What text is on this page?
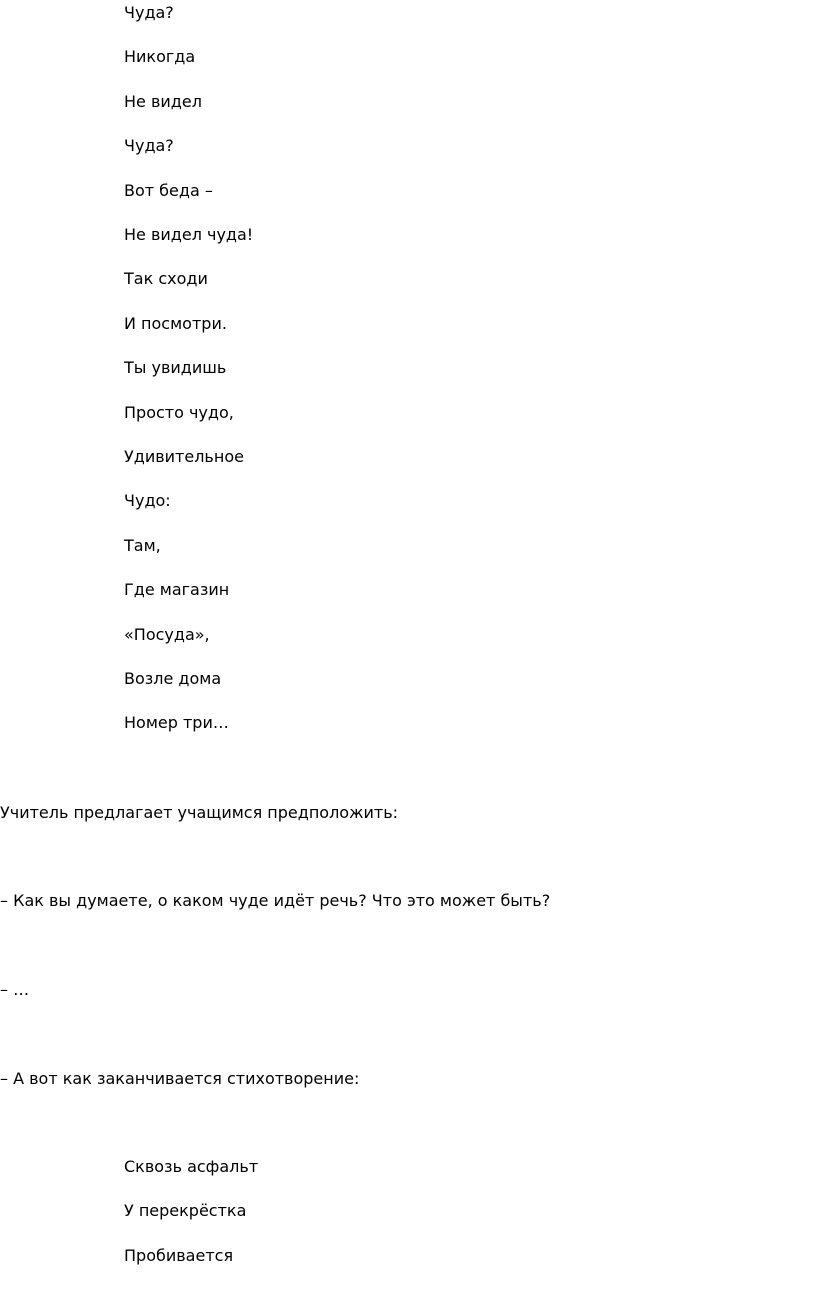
Чуда?

Никогда

Не видел

Чуда?

Вот беда –

Не видел чуда!

Так сходи

И посмотри.

Ты увидишь

Просто чудо,

Удивительное

Чудо:

Там,

Где магазин

«Посуда»,

Возле дома

Номер три…

Учитель предлагает учащимся предположить:

– Как вы думаете, о каком чуде идёт речь? Что это может быть?

– …

– А вот как заканчивается стихотворение:

Сквозь асфальт

У перекрёстка

Пробивается
